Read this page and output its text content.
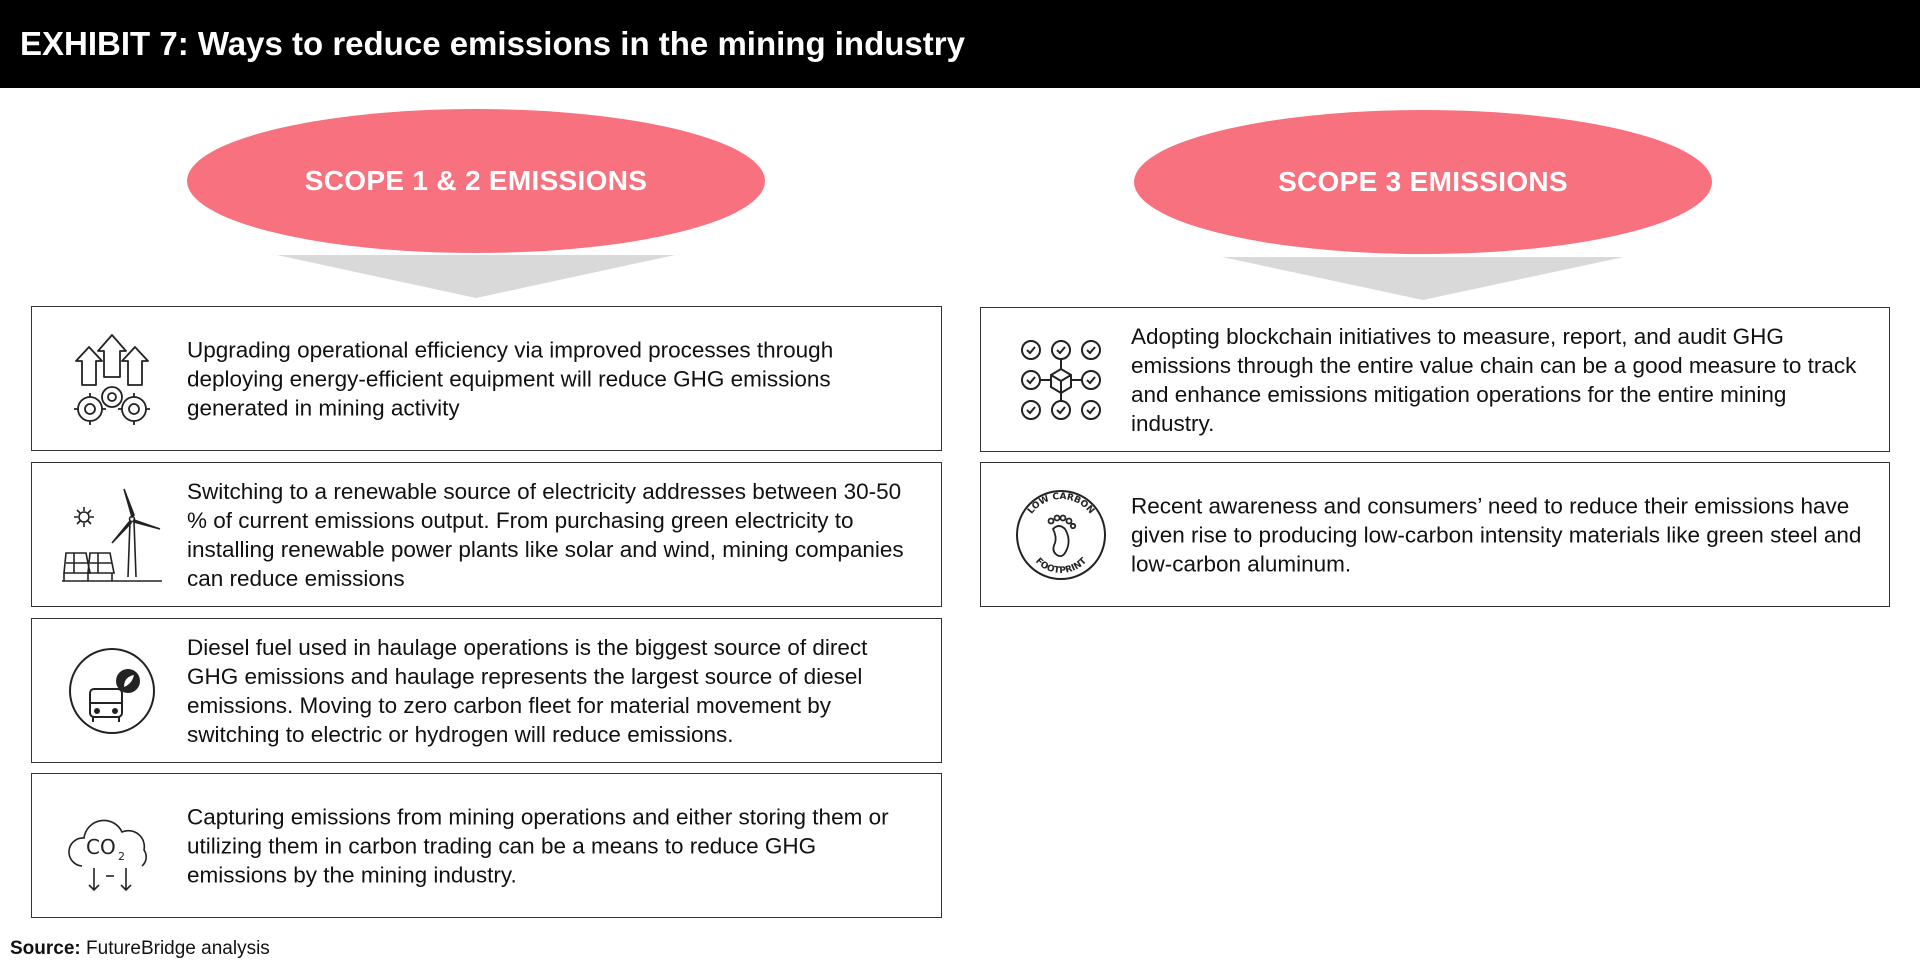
EXHIBIT 7: Ways to reduce emissions in the mining industry
SCOPE 1 & 2 EMISSIONS	SCOPE 3 EMISSIONS
Upgrading operational efficiency via improved processes through deploying energy-efficient equipment will reduce GHG emissions generated in mining activity
Switching to a renewable source of electricity addresses between 30-50 % of current emissions output. From purchasing green electricity to installing renewable power plants like solar and wind, mining companies can reduce emissions
Diesel fuel used in haulage operations is the biggest source of direct GHG emissions and haulage represents the largest source of diesel emissions. Moving to zero carbon fleet for material movement by switching to electric or hydrogen will reduce emissions.
CO 2
Capturing emissions from mining operations and either storing them or utilizing them in carbon trading can be a means to reduce GHG emissions by the mining industry.
Adopting blockchain initiatives to measure, report, and audit GHG emissions through the entire value chain can be a good measure to track and enhance emissions mitigation operations for the entire mining industry.
LOW CARBON
FOOTPRINT
Recent awareness and consumers’ need to reduce their emissions have given rise to producing low-carbon intensity materials like green steel and low-carbon aluminum.
Source: FutureBridge analysis
